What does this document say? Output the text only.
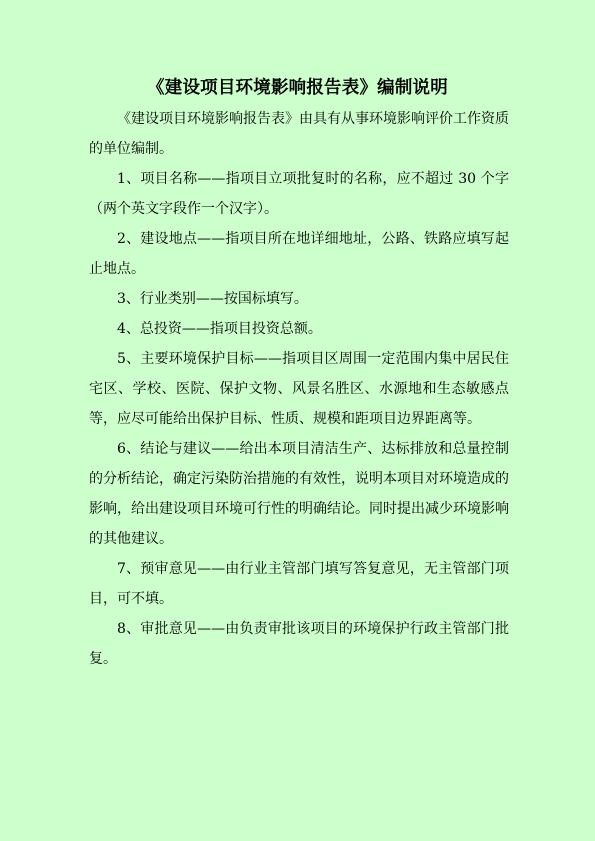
《建设项目环境影响报告表》编制说明

《建设项目环境影响报告表》由具有从事环境影响评价工作资质的单位编制。

1、项目名称——指项目立项批复时的名称，应不超过 30 个字（两个英文字段作一个汉字）。

2、建设地点——指项目所在地详细地址，公路、铁路应填写起止地点。

3、行业类别——按国标填写。

4、总投资——指项目投资总额。

5、主要环境保护目标——指项目区周围一定范围内集中居民住宅区、学校、医院、保护文物、风景名胜区、水源地和生态敏感点等，应尽可能给出保护目标、性质、规模和距项目边界距离等。

6、结论与建议——给出本项目清洁生产、达标排放和总量控制的分析结论，确定污染防治措施的有效性，说明本项目对环境造成的影响，给出建设项目环境可行性的明确结论。同时提出减少环境影响的其他建议。

7、预审意见——由行业主管部门填写答复意见，无主管部门项目，可不填。

8、审批意见——由负责审批该项目的环境保护行政主管部门批复。
